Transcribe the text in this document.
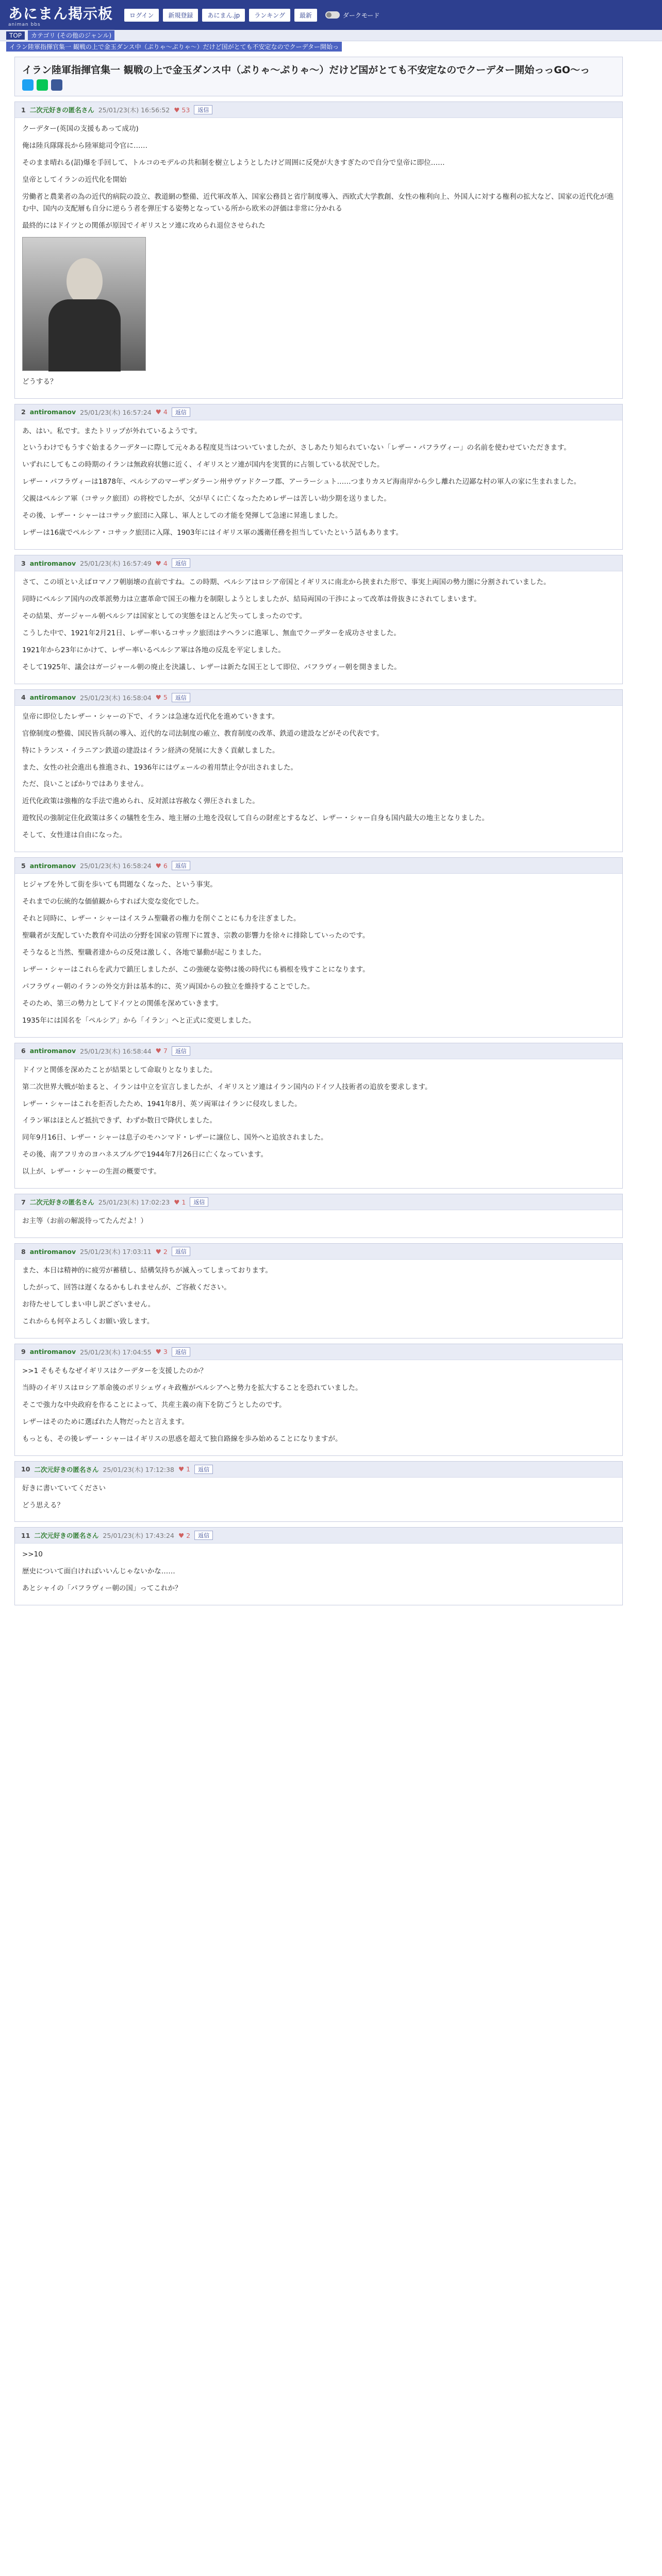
あにまん掲示板
animan bbs
ログイン	新規登録	あにまん.jp	ランキング	最新	ダークモード
TOP	カテゴリ (その他のジャンル)
イラン陸軍指揮官集一 観戦の上で金玉ダンス中（ぷりゃ〜ぷりゃ〜）だけど国がとても不安定なのでクーデター開始っ
イラン陸軍指揮官集一 観戦の上で金玉ダンス中（ぷりゃ〜ぷりゃ〜）だけど国がとても不安定なのでクーデター開始っっGO〜っ
1 二次元好きの匿名さん 25/01/23(木) 16:56:52 ♥ 53	返信

クーデター(英国の支援もあって成功)

俺は陸兵隊隊長から陸軍総司令官に……

そのまま晴れる(詔)爆を手回して、トルコのモデルの共和制を樹立しようとしたけど周囲に反発が大きすぎたので自分で皇帝に即位……

皇帝としてイランの近代化を開始

労働者と農業者の為の近代的病院の設立、教道網の整備、近代軍改革入、国家公務員と省庁制度導入、西欧式大学教創、女性の権利向上、外国人に対する権利の拡大など、国家の近代化が進む中、国内の支配層も自分に逆らう者を弾圧する姿勢となっている所から欧米の評価は非常に分かれる

最終的にはドイツとの関係が原因でイギリスとソ連に攻められ退位させられた

どうする？

2 antiromanov 25/01/23(木) 16:57:24 ♥ 4	返信

あ、はい。私です。またトリップが外れているようです。

というわけでもうすぐ始まるクーデターに際して元々ある程度見当はついていましたが、さしあたり知られていない「レザー・パフラヴィー」の名前を使わせていただきます。

いずれにしてもこの時期のイランは無政府状態に近く、イギリスとソ連が国内を実質的に占領している状況でした。

レザー・パフラヴィーは1878年、ペルシアのマーザンダラーン州サヴァドクーフ郡、アーラーシュト……つまりカスピ海南岸から少し離れた辺鄙な村の軍人の家に生まれました。

父親はペルシア軍（コサック旅団）の将校でしたが、父が早くに亡くなったためレザーは苦しい幼少期を送りました。

その後、レザー・シャーはコサック旅団に入隊し、軍人としての才能を発揮して急速に昇進しました。

レザーは16歳でペルシア・コサック旅団に入隊、1903年にはイギリス軍の護衛任務を担当していたという話もあります。

3 antiromanov 25/01/23(木) 16:57:49 ♥ 4	返信

さて、この頃といえばロマノフ朝崩壊の直前ですね。この時期、ペルシアはロシア帝国とイギリスに南北から挟まれた形で、事実上両国の勢力圏に分割されていました。

同時にペルシア国内の改革派勢力は立憲革命で国王の権力を制限しようとしましたが、結局両国の干渉によって改革は骨抜きにされてしまいます。

その結果、ガージャール朝ペルシアは国家としての実態をほとんど失ってしまったのです。

こうした中で、1921年2月21日、レザー率いるコサック旅団はテヘランに進軍し、無血でクーデターを成功させました。

1921年から23年にかけて、レザー率いるペルシア軍は各地の反乱を平定しました。

そして1925年、議会はガージャール朝の廃止を決議し、レザーは新たな国王として即位、パフラヴィー朝を開きました。

4 antiromanov 25/01/23(木) 16:58:04 ♥ 5	返信

皇帝に即位したレザー・シャーの下で、イランは急速な近代化を進めていきます。

官僚制度の整備、国民皆兵制の導入、近代的な司法制度の確立、教育制度の改革、鉄道の建設などがその代表です。

特にトランス・イラニアン鉄道の建設はイラン経済の発展に大きく貢献しました。

また、女性の社会進出も推進され、1936年にはヴェールの着用禁止令が出されました。

ただ、良いことばかりではありません。

近代化政策は強権的な手法で進められ、反対派は容赦なく弾圧されました。

遊牧民の強制定住化政策は多くの犠牲を生み、地主層の土地を没収して自らの財産とするなど、レザー・シャー自身も国内最大の地主となりました。

そして、女性達は自由になった。

5 antiromanov 25/01/23(木) 16:58:24 ♥ 6	返信

ヒジャブを外して街を歩いても問題なくなった、という事実。

それまでの伝統的な価値観からすれば大変な変化でした。

それと同時に、レザー・シャーはイスラム聖職者の権力を削ぐことにも力を注ぎました。

聖職者が支配していた教育や司法の分野を国家の管理下に置き、宗教の影響力を徐々に排除していったのです。

そうなると当然、聖職者達からの反発は激しく、各地で暴動が起こりました。

レザー・シャーはこれらを武力で鎮圧しましたが、この強硬な姿勢は後の時代にも禍根を残すことになります。

パフラヴィー朝のイランの外交方針は基本的に、英ソ両国からの独立を維持することでした。

そのため、第三の勢力としてドイツとの関係を深めていきます。

1935年には国名を「ペルシア」から「イラン」へと正式に変更しました。

6 antiromanov 25/01/23(木) 16:58:44 ♥ 7	返信

ドイツと関係を深めたことが結果として命取りとなりました。

第二次世界大戦が始まると、イランは中立を宣言しましたが、イギリスとソ連はイラン国内のドイツ人技術者の追放を要求します。

レザー・シャーはこれを拒否したため、1941年8月、英ソ両軍はイランに侵攻しました。

イラン軍はほとんど抵抗できず、わずか数日で降伏しました。

同年9月16日、レザー・シャーは息子のモハンマド・レザーに譲位し、国外へと追放されました。

その後、南アフリカのヨハネスブルグで1944年7月26日に亡くなっています。

以上が、レザー・シャーの生涯の概要です。

7 二次元好きの匿名さん 25/01/23(木) 17:02:23 ♥ 1	返信

お主等（お前の解説待ってたんだよ！）

8 antiromanov 25/01/23(木) 17:03:11 ♥ 2	返信

また、本日は精神的に疲労が蓄積し、結構気持ちが滅入ってしまっております。

したがって、回答は遅くなるかもしれませんが、ご容赦ください。

お待たせしてしまい申し訳ございません。

これからも何卒よろしくお願い致します。

9 antiromanov 25/01/23(木) 17:04:55 ♥ 3	返信

>>1 そもそもなぜイギリスはクーデターを支援したのか？

当時のイギリスはロシア革命後のボリシェヴィキ政権がペルシアへと勢力を拡大することを恐れていました。

そこで強力な中央政府を作ることによって、共産主義の南下を防ごうとしたのです。

レザーはそのために選ばれた人物だったと言えます。

もっとも、その後レザー・シャーはイギリスの思惑を超えて独自路線を歩み始めることになりますが。

10 二次元好きの匿名さん 25/01/23(木) 17:12:38 ♥ 1	返信

好きに書いていてください

どう思える？

11 二次元好きの匿名さん 25/01/23(木) 17:43:24 ♥ 2	返信

>>10

歴史について面白ければいいんじゃないかな……

あとシャイの「パフラヴィー朝の国」ってこれか？
